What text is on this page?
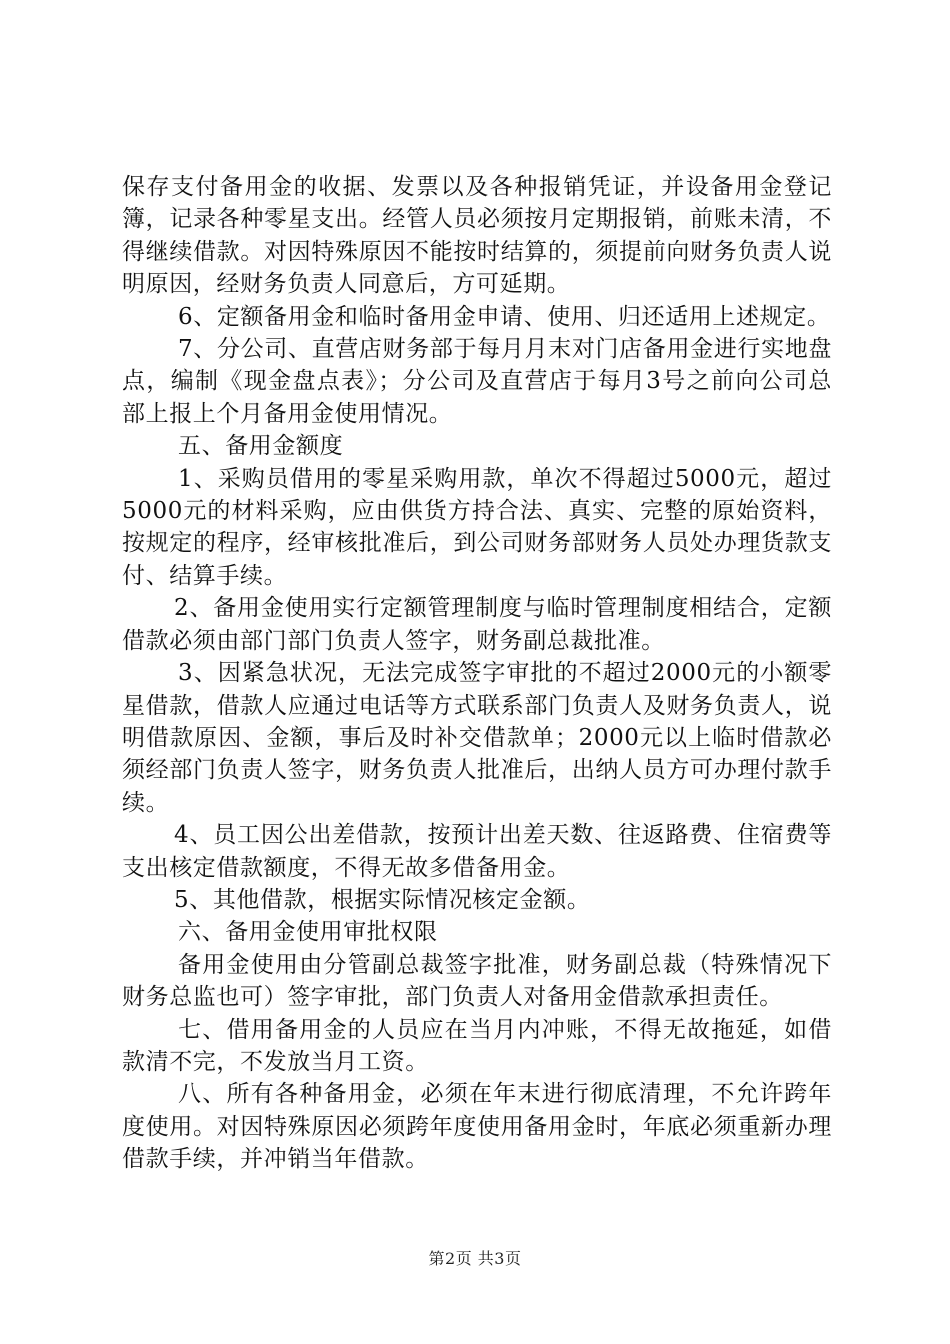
保存支付备用金的收据、发票以及各种报销凭证，并设备用金登记簿，记录各种零星支出。经管人员必须按月定期报销，前账未清，不得继续借款。对因特殊原因不能按时结算的，须提前向财务负责人说明原因，经财务负责人同意后，方可延期。

6、定额备用金和临时备用金申请、使用、归还适用上述规定。

7、分公司、直营店财务部于每月月末对门店备用金进行实地盘点，编制《现金盘点表》；分公司及直营店于每月3号之前向公司总部上报上个月备用金使用情况。

五、备用金额度

1、采购员借用的零星采购用款，单次不得超过5000元，超过5000元的材料采购，应由供货方持合法、真实、完整的原始资料，按规定的程序，经审核批准后，到公司财务部财务人员处办理货款支付、结算手续。

2、备用金使用实行定额管理制度与临时管理制度相结合，定额借款必须由部门部门负责人签字，财务副总裁批准。

3、因紧急状况，无法完成签字审批的不超过2000元的小额零星借款，借款人应通过电话等方式联系部门负责人及财务负责人，说明借款原因、金额，事后及时补交借款单；2000元以上临时借款必须经部门负责人签字，财务负责人批准后，出纳人员方可办理付款手续。

4、员工因公出差借款，按预计出差天数、往返路费、住宿费等支出核定借款额度，不得无故多借备用金。

5、其他借款，根据实际情况核定金额。

六、备用金使用审批权限

备用金使用由分管副总裁签字批准，财务副总裁（特殊情况下财务总监也可）签字审批，部门负责人对备用金借款承担责任。

七、借用备用金的人员应在当月内冲账，不得无故拖延，如借款清不完，不发放当月工资。

八、所有各种备用金，必须在年末进行彻底清理，不允许跨年度使用。对因特殊原因必须跨年度使用备用金时，年底必须重新办理借款手续，并冲销当年借款。

第2页 共3页
